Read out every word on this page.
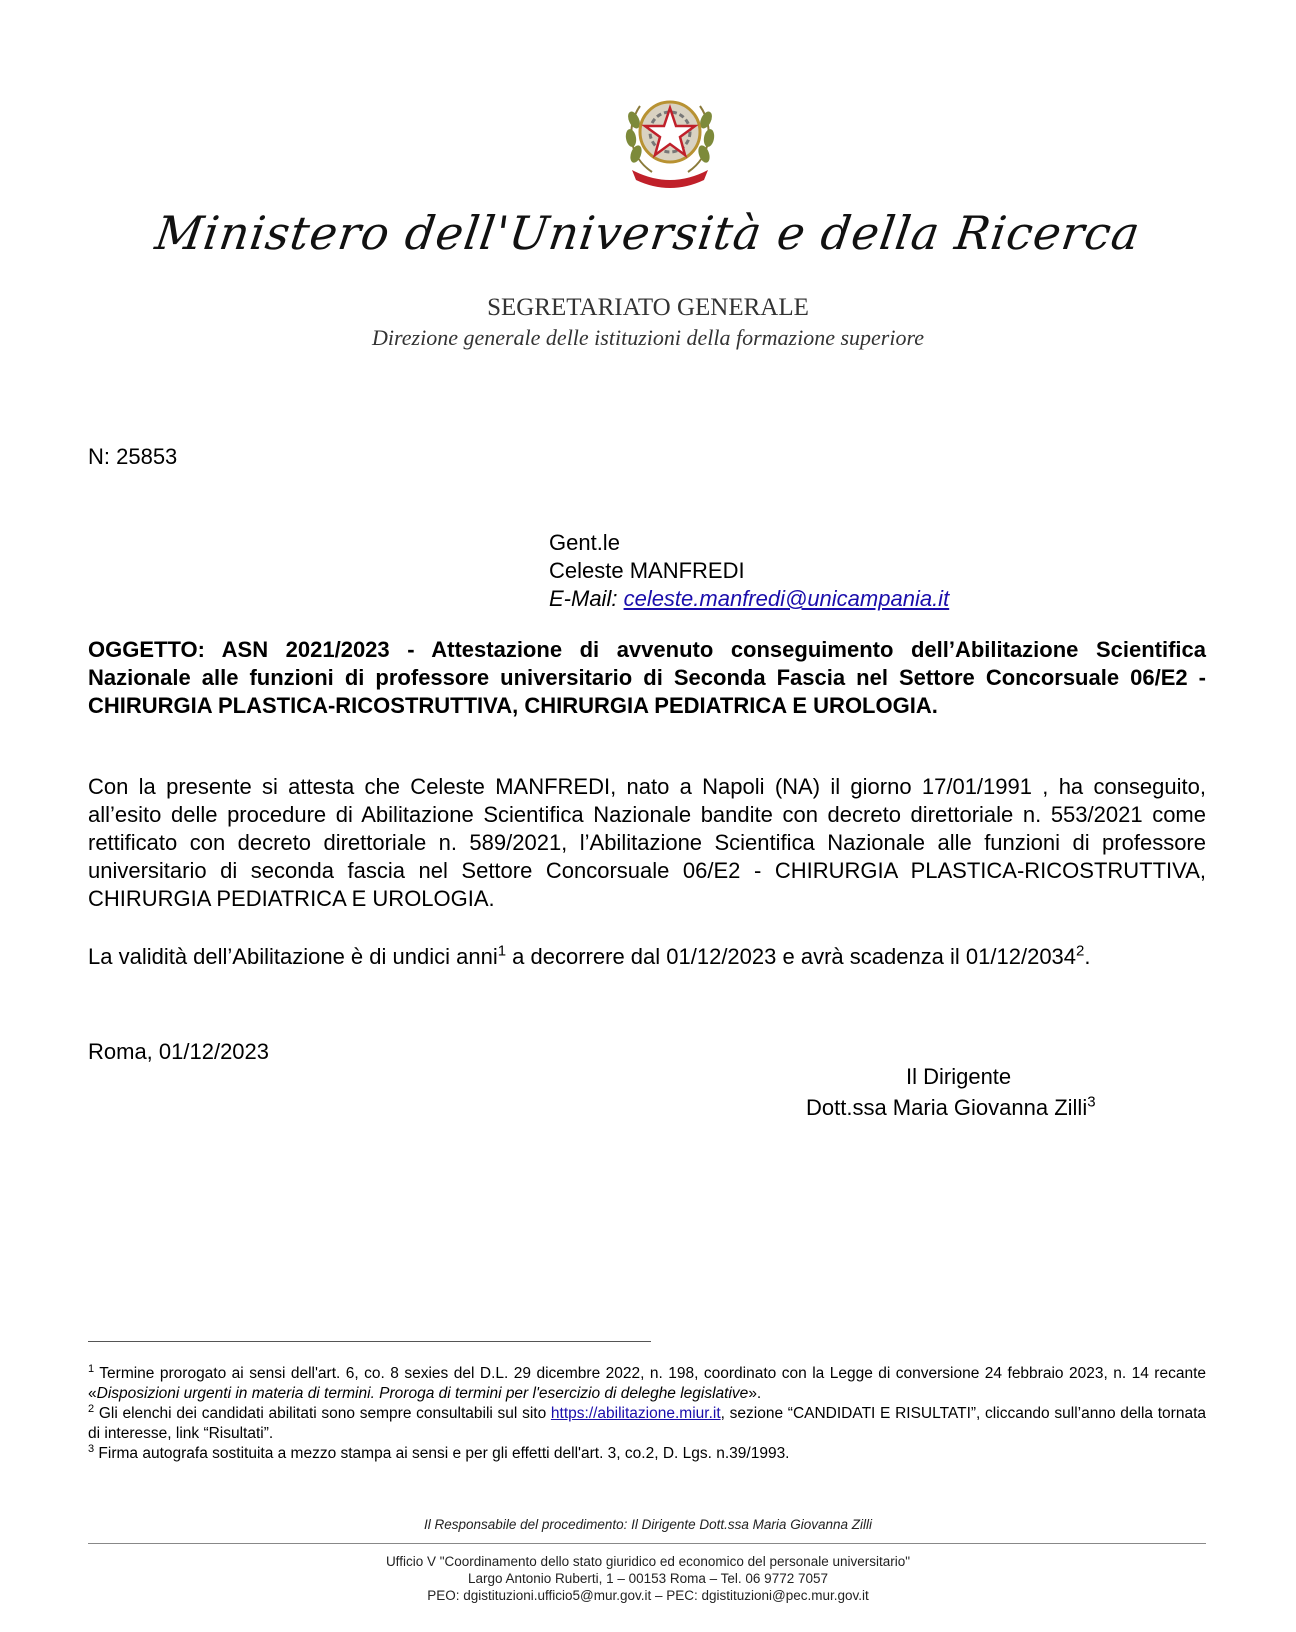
Ministero dell'Università e della Ricerca
SEGRETARIATO GENERALE
Direzione generale delle istituzioni della formazione superiore
N: 25853
Gent.le
Celeste MANFREDI
E-Mail: celeste.manfredi@unicampania.it
OGGETTO: ASN 2021/2023 - Attestazione di avvenuto conseguimento dell’Abilitazione Scientifica Nazionale alle funzioni di professore universitario di Seconda Fascia nel Settore Concorsuale 06/E2 - CHIRURGIA PLASTICA-RICOSTRUTTIVA, CHIRURGIA PEDIATRICA E UROLOGIA.
Con la presente si attesta che Celeste MANFREDI, nato a Napoli (NA) il giorno 17/01/1991 , ha conseguito, all’esito delle procedure di Abilitazione Scientifica Nazionale bandite con decreto direttoriale n. 553/2021 come rettificato con decreto direttoriale n. 589/2021, l’Abilitazione Scientifica Nazionale alle funzioni di professore universitario di seconda fascia nel Settore Concorsuale 06/E2 - CHIRURGIA PLASTICA-RICOSTRUTTIVA, CHIRURGIA PEDIATRICA E UROLOGIA.
La validità dell’Abilitazione è di undici anni$^1$ a decorrere dal 01/12/2023 e avrà scadenza il 01/12/2034$^2$.
Roma, 01/12/2023
Il Dirigente
Dott.ssa Maria Giovanna Zilli$^3$

$^1$ Termine prorogato ai sensi dell'art. 6, co. 8 sexies del D.L. 29 dicembre 2022, n. 198, coordinato con la Legge di conversione 24 febbraio 2023, n. 14 recante «Disposizioni urgenti in materia di termini. Proroga di termini per l'esercizio di deleghe legislative».

$^2$ Gli elenchi dei candidati abilitati sono sempre consultabili sul sito https://abilitazione.miur.it, sezione “CANDIDATI E RISULTATI”, cliccando sull’anno della tornata di interesse, link “Risultati”.

$^3$ Firma autografa sostituita a mezzo stampa ai sensi e per gli effetti dell'art. 3, co.2, D. Lgs. n.39/1993.

Il Responsabile del procedimento: Il Dirigente Dott.ssa Maria Giovanna Zilli
Ufficio V "Coordinamento dello stato giuridico ed economico del personale universitario"
Largo Antonio Ruberti, 1 – 00153 Roma – Tel. 06 9772 7057
PEO: dgistituzioni.ufficio5@mur.gov.it – PEC: dgistituzioni@pec.mur.gov.it
